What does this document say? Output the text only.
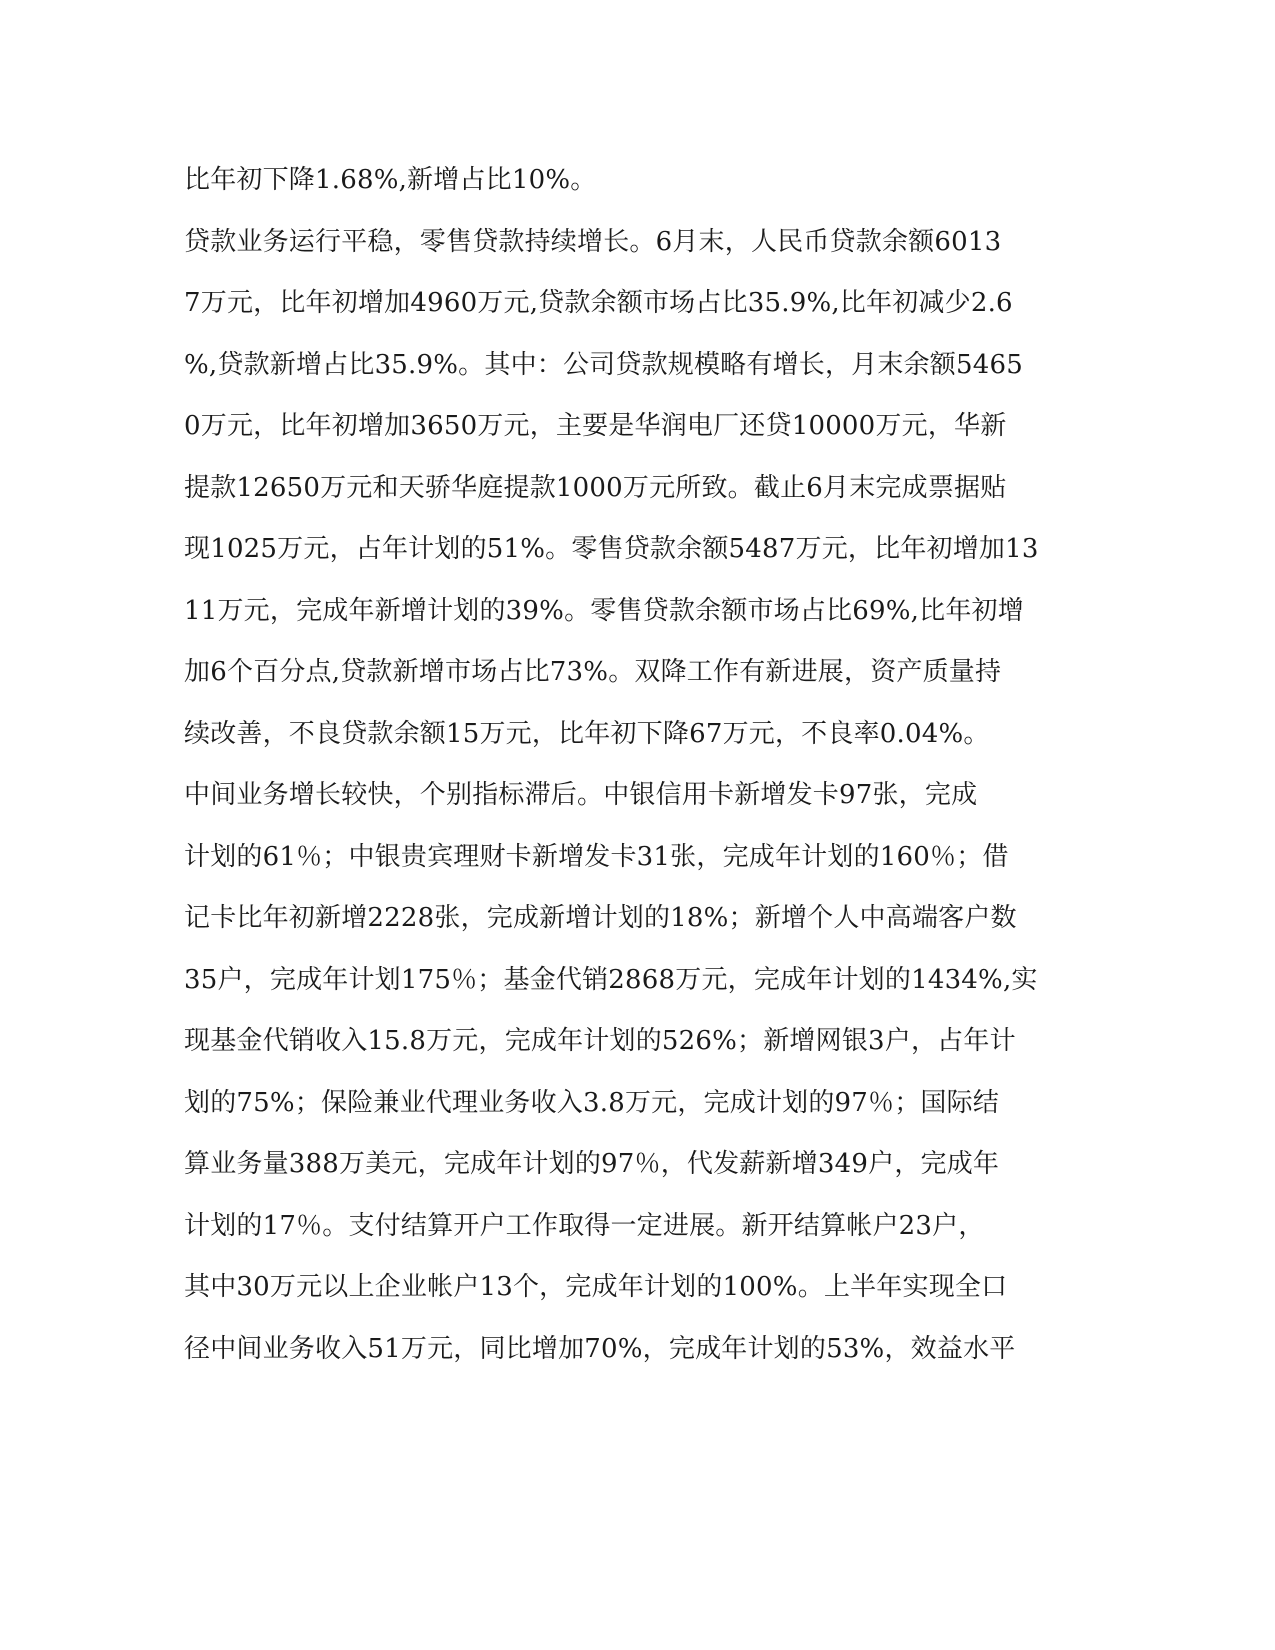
比年初下降1.68%,新增占比10%。
贷款业务运行平稳，零售贷款持续增长。6月末，人民币贷款余额6013
7万元，比年初增加4960万元,贷款余额市场占比35.9%,比年初减少2.6
%,贷款新增占比35.9%。其中：公司贷款规模略有增长，月末余额5465
0万元，比年初增加3650万元，主要是华润电厂还贷10000万元，华新
提款12650万元和天骄华庭提款1000万元所致。截止6月末完成票据贴
现1025万元，占年计划的51%。零售贷款余额5487万元，比年初增加13
11万元，完成年新增计划的39%。零售贷款余额市场占比69%,比年初增
加6个百分点,贷款新增市场占比73%。双降工作有新进展，资产质量持
续改善，不良贷款余额15万元，比年初下降67万元，不良率0.04%。
中间业务增长较快，个别指标滞后。中银信用卡新增发卡97张，完成
计划的61％；中银贵宾理财卡新增发卡31张，完成年计划的160％；借
记卡比年初新增2228张，完成新增计划的18%；新增个人中高端客户数
35户，完成年计划175％；基金代销2868万元，完成年计划的1434%,实
现基金代销收入15.8万元，完成年计划的526%；新增网银3户，占年计
划的75%；保险兼业代理业务收入3.8万元，完成计划的97％；国际结
算业务量388万美元，完成年计划的97％，代发薪新增349户，完成年
计划的17％。支付结算开户工作取得一定进展。新开结算帐户23户，
其中30万元以上企业帐户13个，完成年计划的100%。上半年实现全口
径中间业务收入51万元，同比增加70%，完成年计划的53%，效益水平
